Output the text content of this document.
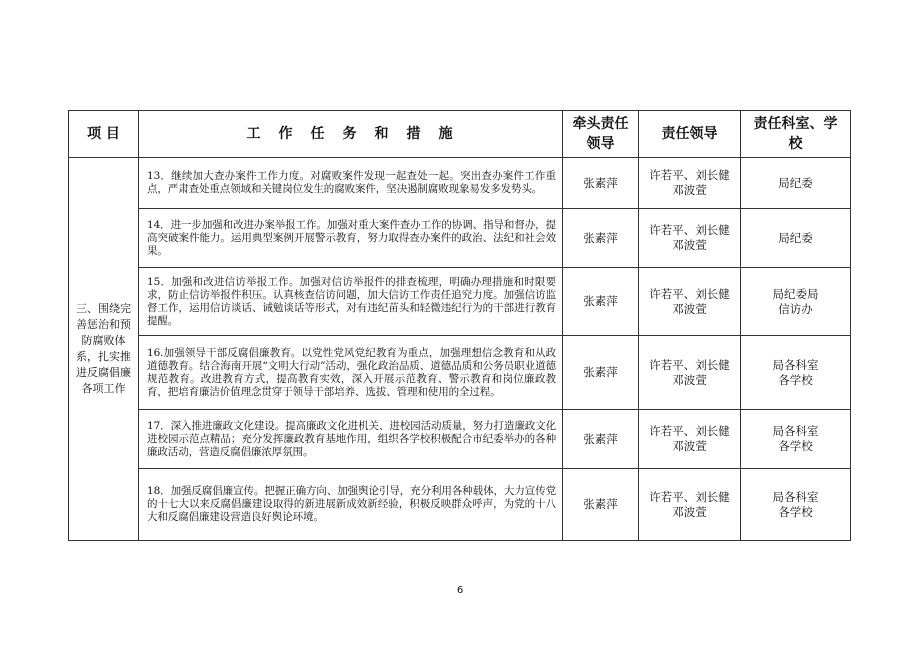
项 目	工　作　任　务　和　措　施	牵头责任领导	责任领导	责任科室、学校
三、围绕完善惩治和预防腐败体系，扎实推进反腐倡廉各项工作	13．继续加大查办案件工作力度。对腐败案件发现一起查处一起。突出查办案件工作重点，严肃查处重点领域和关键岗位发生的腐败案件，坚决遏制腐败现象易发多发势头。	张素萍	许若平、刘长健邓波萱	局纪委
	14．进一步加强和改进办案举报工作。加强对重大案件查办工作的协调、指导和督办，提高突破案件能力。运用典型案例开展警示教育，努力取得查办案件的政治、法纪和社会效果。	张素萍	许若平、刘长健邓波萱	局纪委
	15．加强和改进信访举报工作。加强对信访举报件的排查梳理，明确办理措施和时限要求，防止信访举报件积压。认真核查信访问题，加大信访工作责任追究力度。加强信访监督工作，运用信访谈话、诫勉谈话等形式，对有违纪苗头和轻微违纪行为的干部进行教育提醒。	张素萍	许若平、刘长健邓波萱	局纪委局信访办
	16.加强领导干部反腐倡廉教育。以党性党风党纪教育为重点，加强理想信念教育和从政道德教育。结合海南开展“文明大行动”活动，强化政治品质、道德品质和公务员职业道德规范教育。改进教育方式，提高教育实效，深入开展示范教育、警示教育和岗位廉政教育，把培育廉洁价值理念贯穿于领导干部培养、选拔、管理和使用的全过程。	张素萍	许若平、刘长健邓波萱	局各科室各学校
	17．深入推进廉政文化建设。提高廉政文化进机关、进校园活动质量，努力打造廉政文化进校园示范点精品；充分发挥廉政教育基地作用，组织各学校积极配合市纪委举办的各种廉政活动，营造反腐倡廉浓厚氛围。	张素萍	许若平、刘长健邓波萱	局各科室各学校
	18．加强反腐倡廉宣传。把握正确方向、加强舆论引导，充分利用各种载体，大力宣传党的十七大以来反腐倡廉建设取得的新进展新成效新经验，积极反映群众呼声，为党的十八大和反腐倡廉建设营造良好舆论环境。	张素萍	许若平、刘长健邓波萱	局各科室各学校
6
